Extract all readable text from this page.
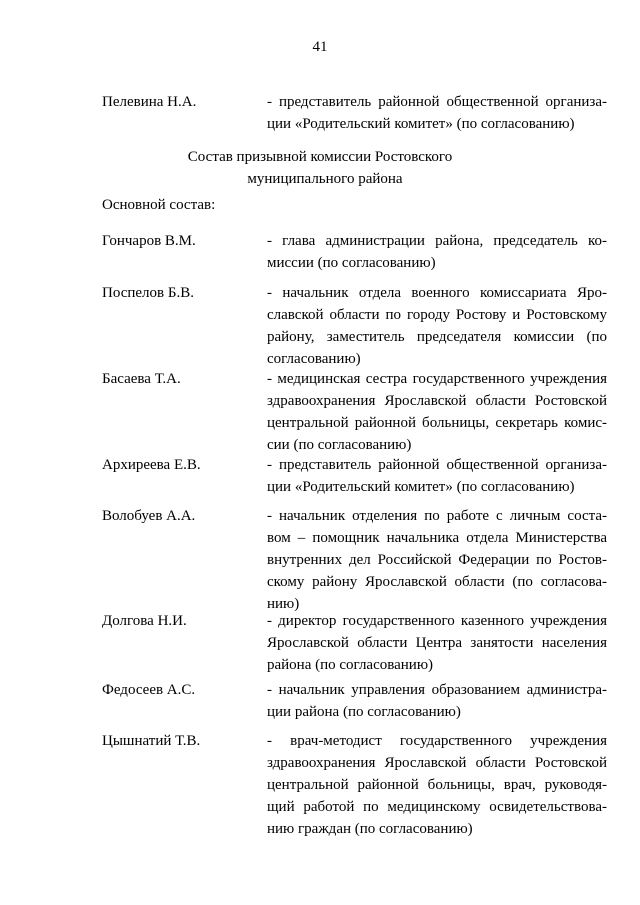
41
Пелевина Н.А.	- представитель районной общественной организа-
ции «Родительский комитет» (по согласованию)
Состав призывной комиссии Ростовского
муниципального района
Основной состав:
Гончаров В.М.	- глава администрации района, председатель ко-
миссии (по согласованию)
Поспелов Б.В.	- начальник отдела военного комиссариата Яро-
славской области по городу Ростову и Ростовскому
району, заместитель председателя комиссии (по
согласованию)
Басаева Т.А.	- медицинская сестра государственного учреждения
здравоохранения Ярославской области Ростовской
центральной районной больницы, секретарь комис-
сии (по согласованию)
Архиреева Е.В.	- представитель районной общественной организа-
ции «Родительский комитет» (по согласованию)
Волобуев А.А.	- начальник отделения по работе с личным соста-
вом – помощник начальника отдела Министерства
внутренних дел Российской Федерации по Ростов-
скому району Ярославской области (по согласова-
нию)
Долгова Н.И.	- директор государственного казенного учреждения
Ярославской области Центра занятости населения
района (по согласованию)
Федосеев А.С.	- начальник управления образованием администра-
ции района (по согласованию)
Цышнатий Т.В.	- врач-методист государственного учреждения
здравоохранения Ярославской области Ростовской
центральной районной больницы, врач, руководя-
щий работой по медицинскому освидетельствова-
нию граждан (по согласованию)
